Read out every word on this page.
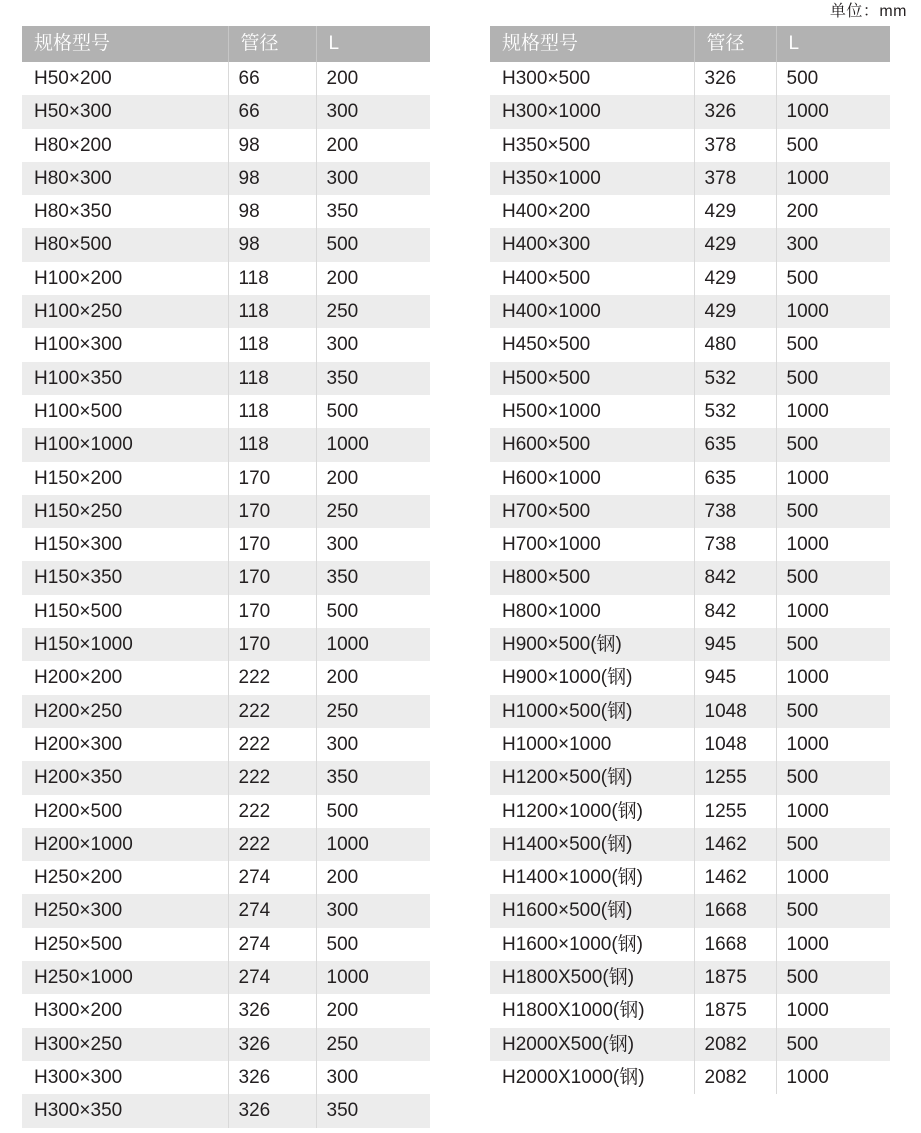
单位：mm
规格型号	管径	L
H50×200	66	200
H50×300	66	300
H80×200	98	200
H80×300	98	300
H80×350	98	350
H80×500	98	500
H100×200	118	200
H100×250	118	250
H100×300	118	300
H100×350	118	350
H100×500	118	500
H100×1000	118	1000
H150×200	170	200
H150×250	170	250
H150×300	170	300
H150×350	170	350
H150×500	170	500
H150×1000	170	1000
H200×200	222	200
H200×250	222	250
H200×300	222	300
H200×350	222	350
H200×500	222	500
H200×1000	222	1000
H250×200	274	200
H250×300	274	300
H250×500	274	500
H250×1000	274	1000
H300×200	326	200
H300×250	326	250
H300×300	326	300
H300×350	326	350
规格型号	管径	L
H300×500	326	500
H300×1000	326	1000
H350×500	378	500
H350×1000	378	1000
H400×200	429	200
H400×300	429	300
H400×500	429	500
H400×1000	429	1000
H450×500	480	500
H500×500	532	500
H500×1000	532	1000
H600×500	635	500
H600×1000	635	1000
H700×500	738	500
H700×1000	738	1000
H800×500	842	500
H800×1000	842	1000
H900×500(钢)	945	500
H900×1000(钢)	945	1000
H1000×500(钢)	1048	500
H1000×1000	1048	1000
H1200×500(钢)	1255	500
H1200×1000(钢)	1255	1000
H1400×500(钢)	1462	500
H1400×1000(钢)	1462	1000
H1600×500(钢)	1668	500
H1600×1000(钢)	1668	1000
H1800X500(钢)	1875	500
H1800X1000(钢)	1875	1000
H2000X500(钢)	2082	500
H2000X1000(钢)	2082	1000
